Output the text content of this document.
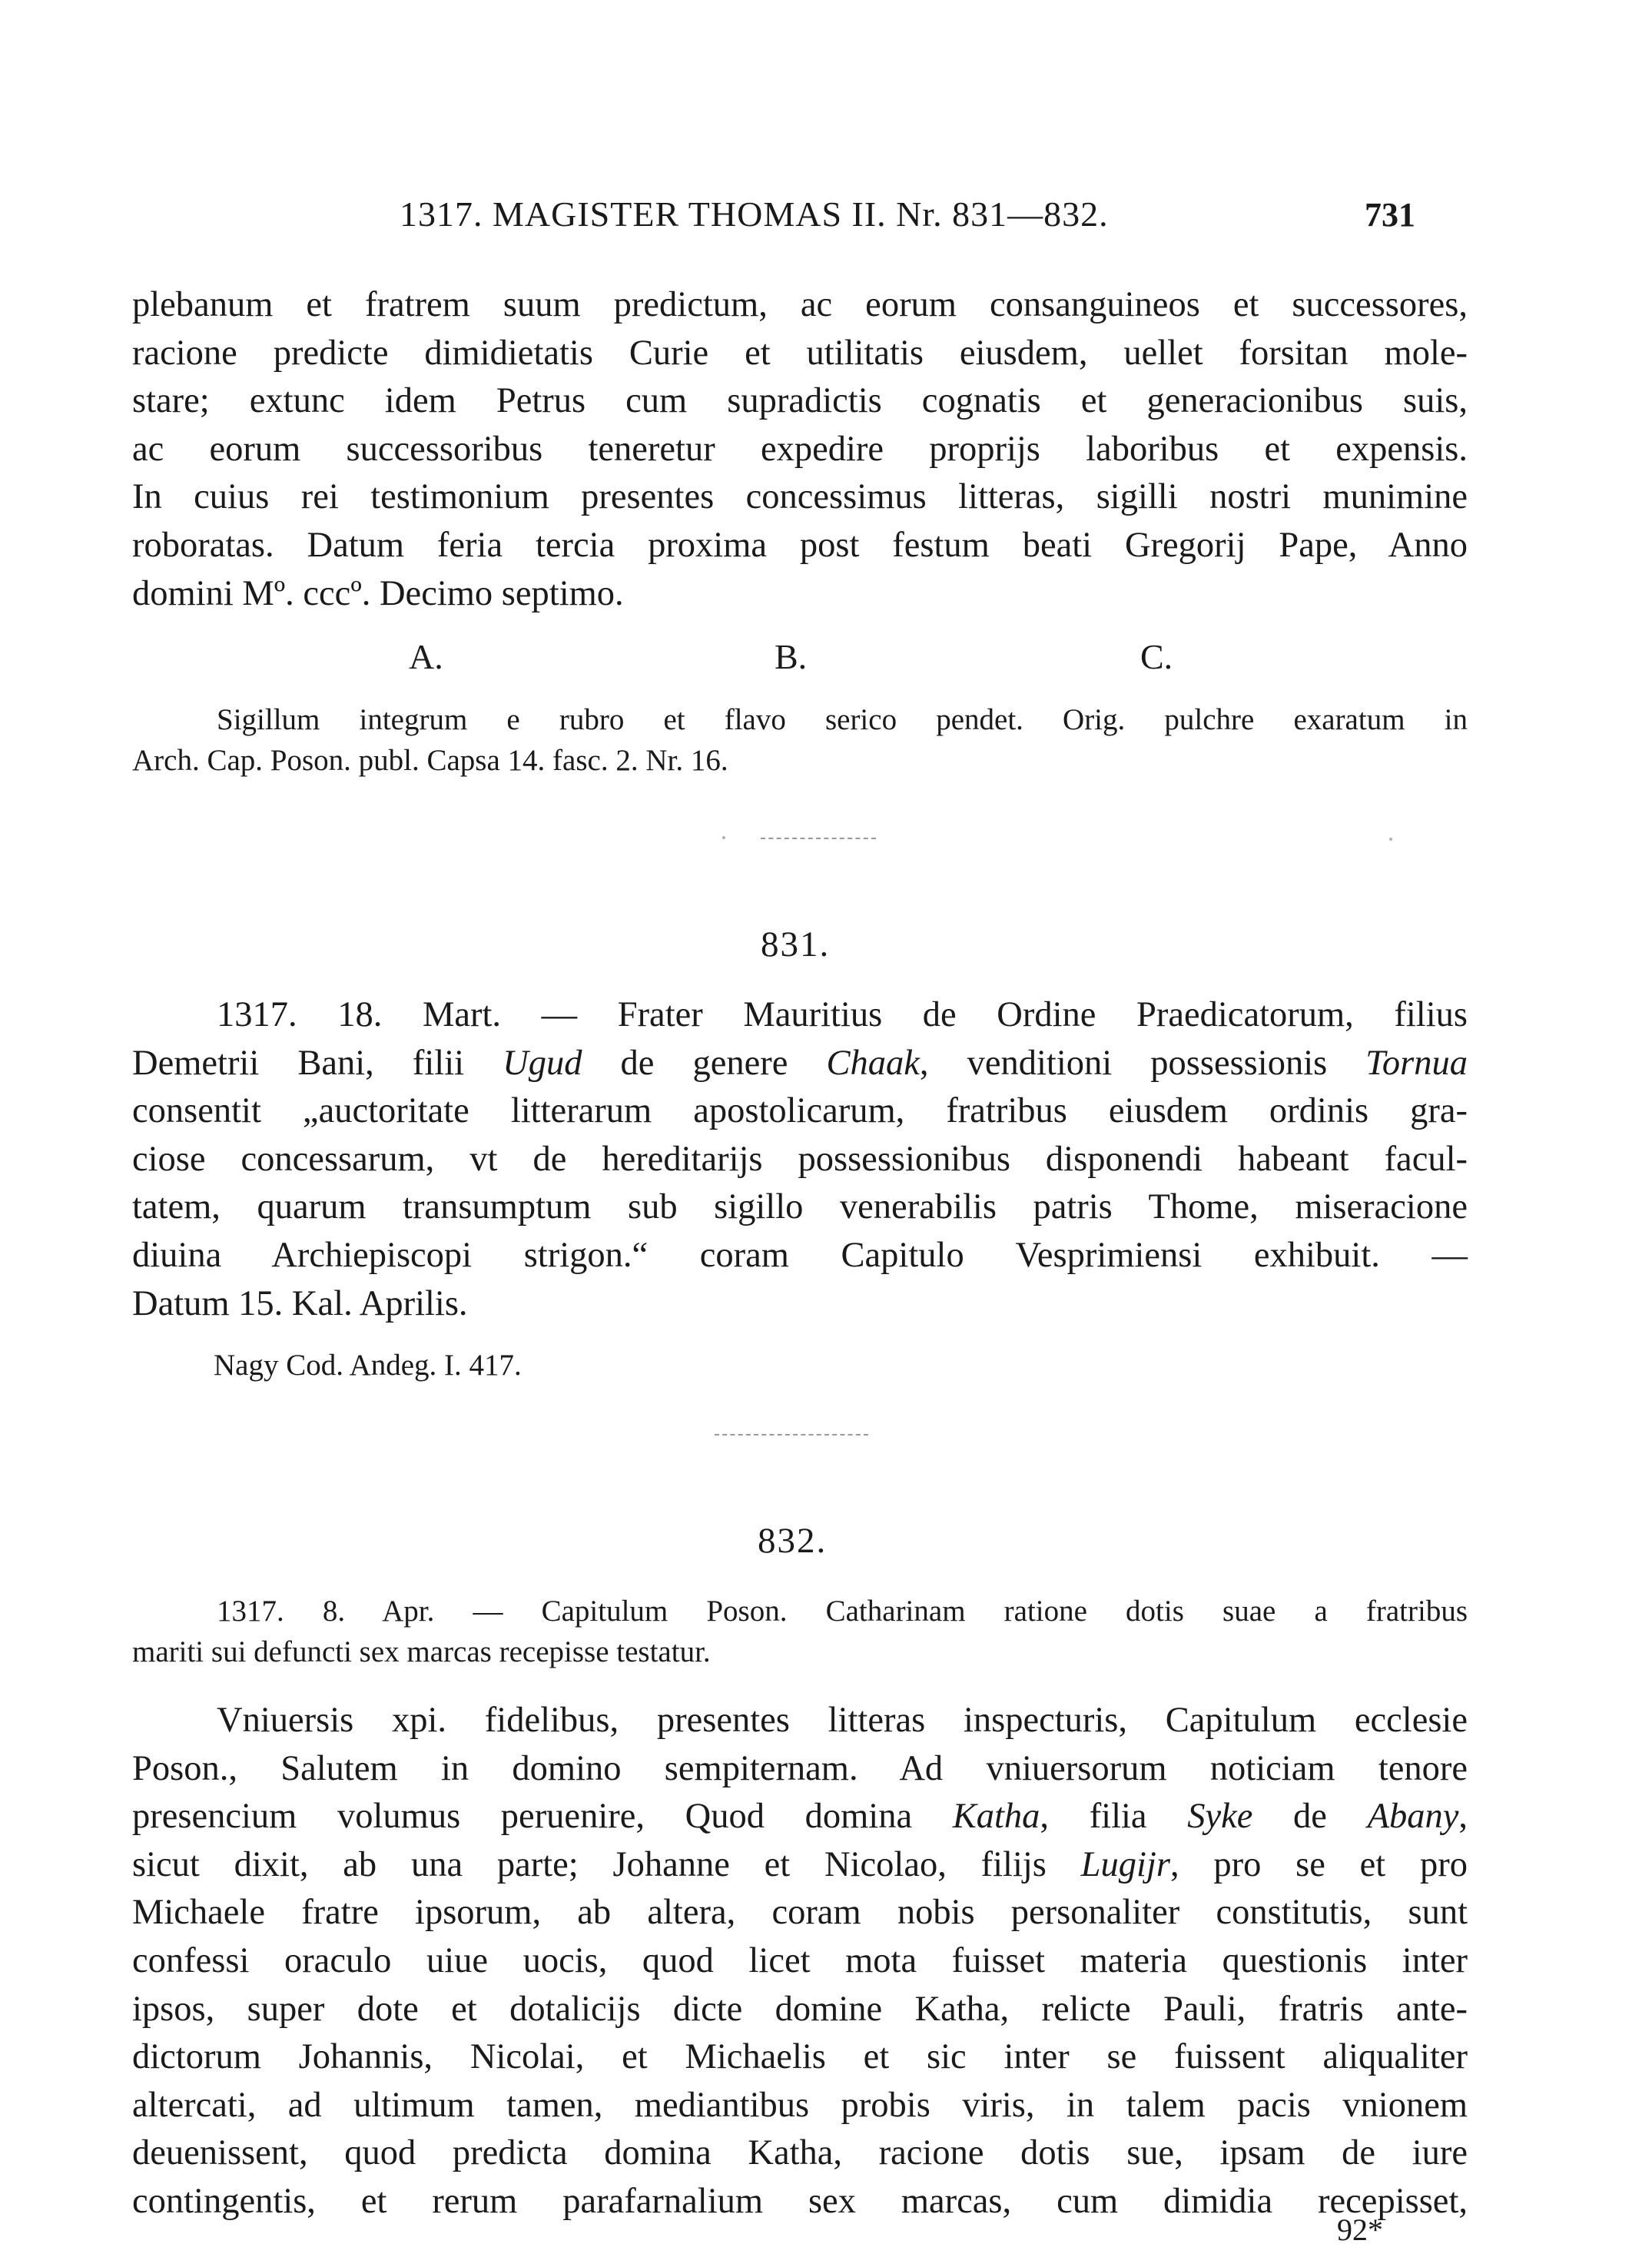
1317. MAGISTER THOMAS II. Nr. 831—832.	731
plebanum et fratrem suum predictum, ac eorum consanguineos et successores,
racione predicte dimidietatis Curie et utilitatis eiusdem, uellet forsitan mole-
stare; extunc idem Petrus cum supradictis cognatis et generacionibus suis,
ac eorum successoribus teneretur expedire proprijs laboribus et expensis.
In cuius rei testimonium presentes concessimus litteras, sigilli nostri munimine
roboratas. Datum feria tercia proxima post festum beati Gregorij Pape, Anno
domini Mº. cccº. Decimo septimo.
A.	B.	C.
Sigillum integrum e rubro et flavo serico pendet. Orig. pulchre exaratum in
Arch. Cap. Poson. publ. Capsa 14. fasc. 2. Nr. 16.
831.
1317. 18. Mart. — Frater Mauritius de Ordine Praedicatorum, filius
Demetrii Bani, filii Ugud de genere Chaak, venditioni possessionis Tornua
consentit „auctoritate litterarum apostolicarum, fratribus eiusdem ordinis gra-
ciose concessarum, vt de hereditarijs possessionibus disponendi habeant facul-
tatem, quarum transumptum sub sigillo venerabilis patris Thome, miseracione
diuina Archiepiscopi strigon.“ coram Capitulo Vesprimiensi exhibuit. —
Datum 15. Kal. Aprilis.
Nagy Cod. Andeg. I. 417.
832.
1317. 8. Apr. — Capitulum Poson. Catharinam ratione dotis suae a fratribus
mariti sui defuncti sex marcas recepisse testatur.
Vniuersis xpi. fidelibus, presentes litteras inspecturis, Capitulum ecclesie
Poson., Salutem in domino sempiternam. Ad vniuersorum noticiam tenore
presencium volumus peruenire, Quod domina Katha, filia Syke de Abany,
sicut dixit, ab una parte; Johanne et Nicolao, filijs Lugijr, pro se et pro
Michaele fratre ipsorum, ab altera, coram nobis personaliter constitutis, sunt
confessi oraculo uiue uocis, quod licet mota fuisset materia questionis inter
ipsos, super dote et dotalicijs dicte domine Katha, relicte Pauli, fratris ante-
dictorum Johannis, Nicolai, et Michaelis et sic inter se fuissent aliqualiter
altercati, ad ultimum tamen, mediantibus probis viris, in talem pacis vnionem
deuenissent, quod predicta domina Katha, racione dotis sue, ipsam de iure
contingentis, et rerum parafarnalium sex marcas, cum dimidia recepisset,
92*
